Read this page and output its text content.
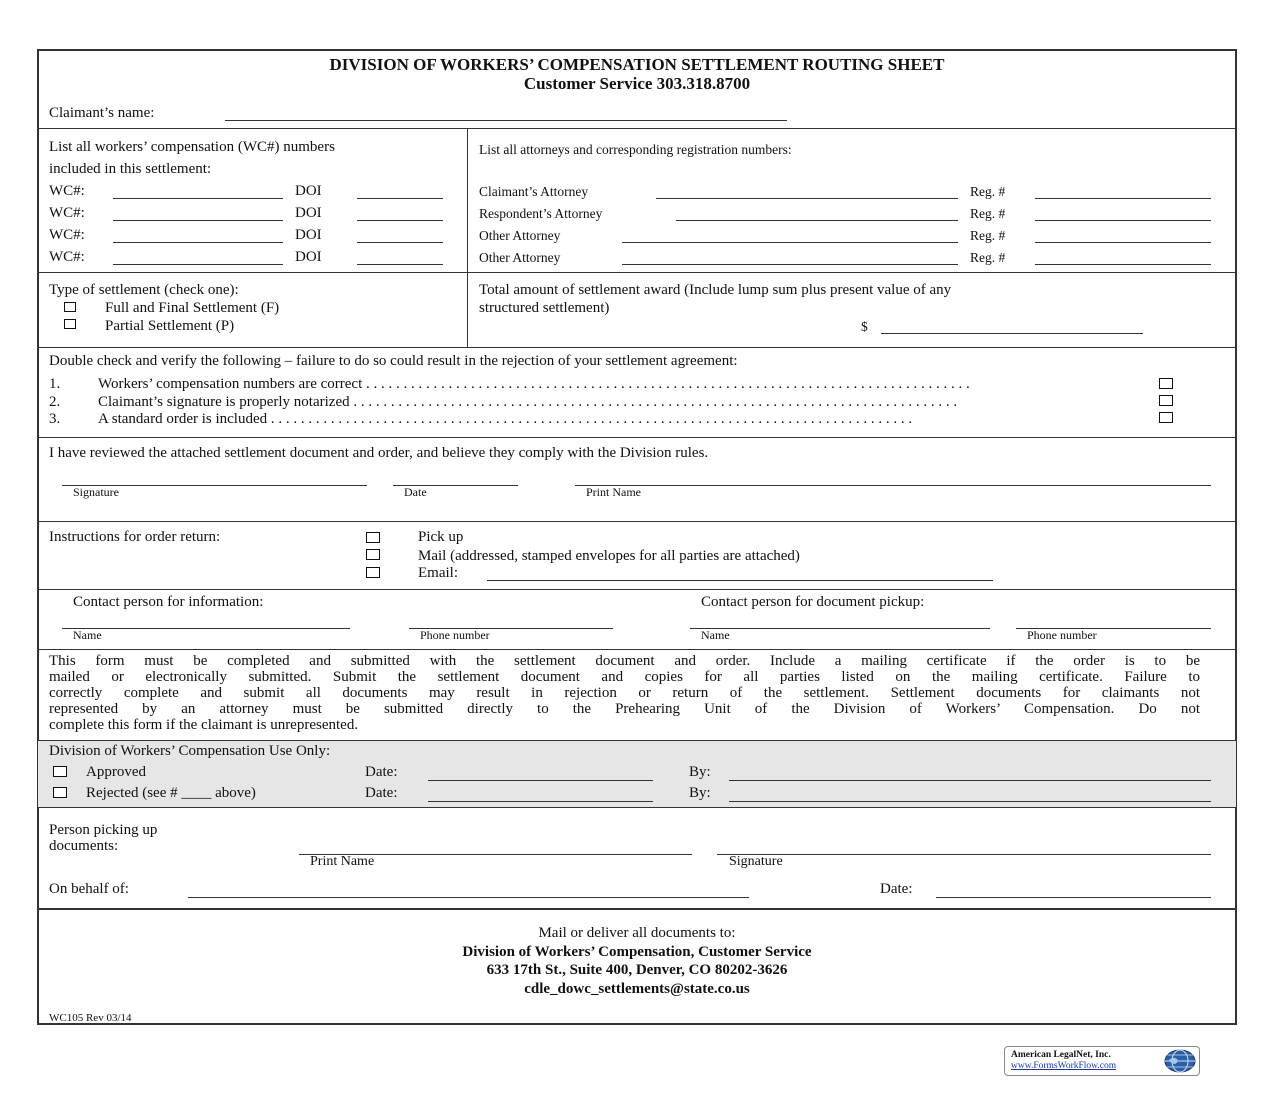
DIVISION OF WORKERS’ COMPENSATION SETTLEMENT ROUTING SHEET
Customer Service 303.318.8700
Claimant’s name:
List all workers’ compensation (WC#) numbers
included in this settlement:
WC#:	DOI
WC#:	DOI
WC#:	DOI
WC#:	DOI
List all attorneys and corresponding registration numbers:
Claimant’s Attorney	Reg. #
Respondent’s Attorney	Reg. #
Other Attorney	Reg. #
Other Attorney	Reg. #
Type of settlement (check one):
Full and Final Settlement (F)
Partial Settlement (P)
Total amount of settlement award (Include lump sum plus present value of any
structured settlement)
$
Double check and verify the following – failure to do so could result in the rejection of your settlement agreement:
1.	Workers’ compensation numbers are correct . . . . . . . . . . . . . . . . . . . . . . . . . . . . . . . . . . . . . . . . . . . . . . . . . . . . . . . . . . . . . . . . . . . . . . . . . . . . . . . . .
2.	Claimant’s signature is properly notarized . . . . . . . . . . . . . . . . . . . . . . . . . . . . . . . . . . . . . . . . . . . . . . . . . . . . . . . . . . . . . . . . . . . . . . . . . . . . . . . . .
3.	A standard order is included . . . . . . . . . . . . . . . . . . . . . . . . . . . . . . . . . . . . . . . . . . . . . . . . . . . . . . . . . . . . . . . . . . . . . . . . . . . . . . . . . . . . . .
I have reviewed the attached settlement document and order, and believe they comply with the Division rules.
Signature	Date	Print Name
Instructions for order return:	Pick up
Mail (addressed, stamped envelopes for all parties are attached)
Email:
Contact person for information:	Contact person for document pickup:
Name	Phone number	Name	Phone number
This form must be completed and submitted with the settlement document and order. Include a mailing certificate if the order is to be
mailed or electronically submitted. Submit the settlement document and copies for all parties listed on the mailing certificate. Failure to
correctly complete and submit all documents may result in rejection or return of the settlement. Settlement documents for claimants not
represented by an attorney must be submitted directly to the Prehearing Unit of the Division of Workers’ Compensation. Do not
complete this form if the claimant is unrepresented.
Division of Workers’ Compensation Use Only:
Approved	Date:	By:
Rejected (see # ____ above)	Date:	By:
Person picking up
documents:
Print Name	Signature
On behalf of:	Date:
Mail or deliver all documents to:
Division of Workers’ Compensation, Customer Service
633 17th St., Suite 400, Denver, CO 80202-3626
cdle_dowc_settlements@state.co.us
WC105 Rev 03/14
American LegalNet, Inc.
www.FormsWorkFlow.com
